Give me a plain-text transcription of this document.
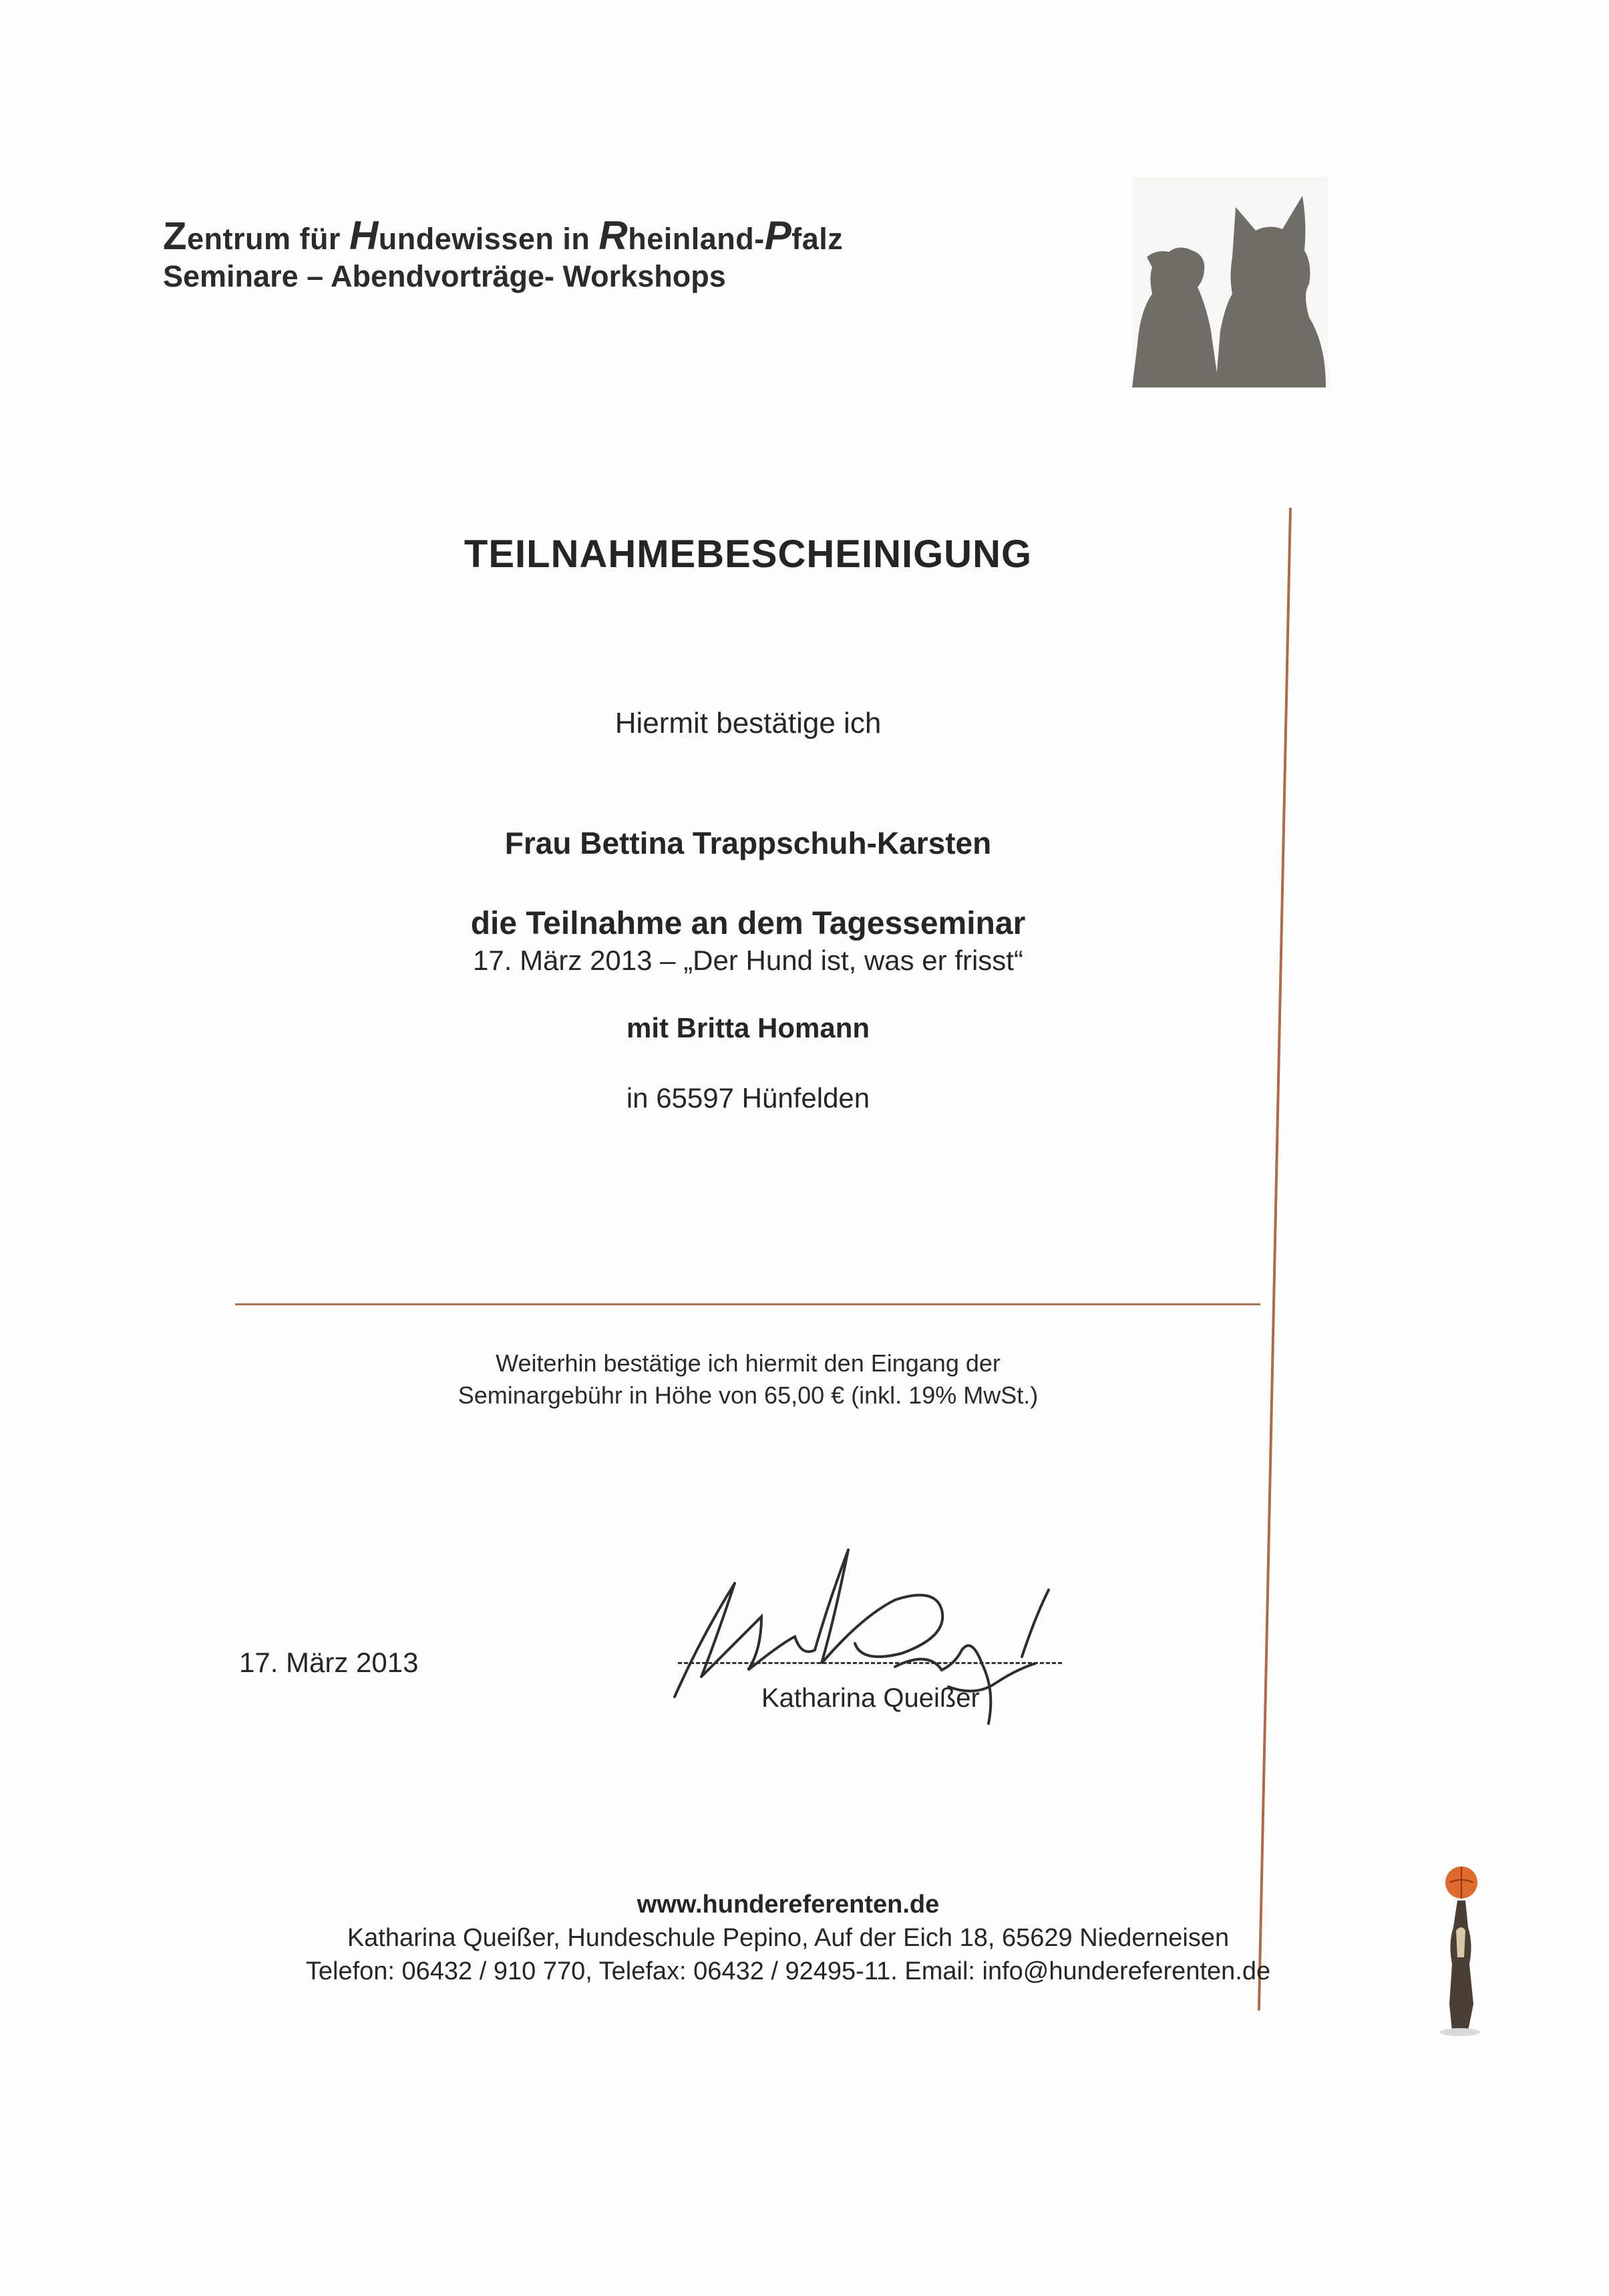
Zentrum für Hundewissen in Rheinland-Pfalz
Seminare – Abendvorträge- Workshops
TEILNAHMEBESCHEINIGUNG
Hiermit bestätige ich
Frau Bettina Trappschuh-Karsten
die Teilnahme an dem Tagesseminar
17. März 2013 – „Der Hund ist, was er frisst“
mit Britta Homann
in 65597 Hünfelden
Weiterhin bestätige ich hiermit den Eingang der
Seminargebühr in Höhe von 65,00 € (inkl. 19% MwSt.)
17. März 2013
Katharina Queißer
www.hundereferenten.de
Katharina Queißer, Hundeschule Pepino, Auf der Eich 18, 65629 Niederneisen
Telefon: 06432 / 910 770, Telefax: 06432 / 92495-11. Email: info@hundereferenten.de
